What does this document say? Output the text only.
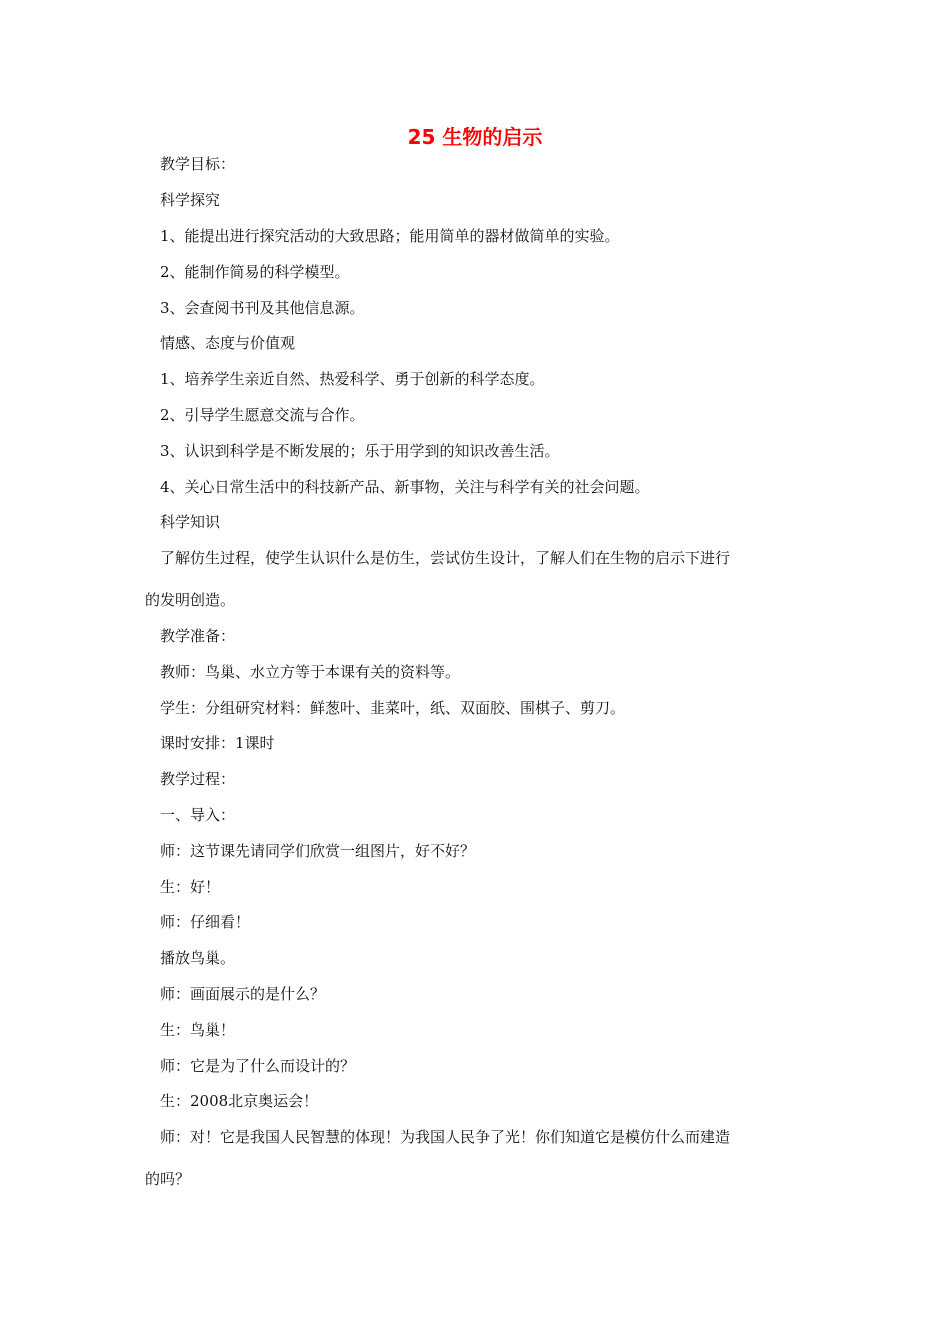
25 生物的启示
教学目标：
科学探究
1、能提出进行探究活动的大致思路；能用简单的器材做简单的实验。
2、能制作简易的科学模型。
3、会查阅书刊及其他信息源。
情感、态度与价值观
1、培养学生亲近自然、热爱科学、勇于创新的科学态度。
2、引导学生愿意交流与合作。
3、认识到科学是不断发展的；乐于用学到的知识改善生活。
4、关心日常生活中的科技新产品、新事物，关注与科学有关的社会问题。
科学知识
了解仿生过程，使学生认识什么是仿生，尝试仿生设计，了解人们在生物的启示下进行
的发明创造。
教学准备：
教师：鸟巢、水立方等于本课有关的资料等。
学生：分组研究材料：鲜葱叶、韭菜叶，纸、双面胶、围棋子、剪刀。
课时安排：1课时
教学过程：
一、导入：
师：这节课先请同学们欣赏一组图片，好不好？
生：好！
师：仔细看！
播放鸟巢。
师：画面展示的是什么？
生：鸟巢！
师：它是为了什么而设计的？
生：2008北京奥运会！
师：对！它是我国人民智慧的体现！为我国人民争了光！你们知道它是模仿什么而建造
的吗？
